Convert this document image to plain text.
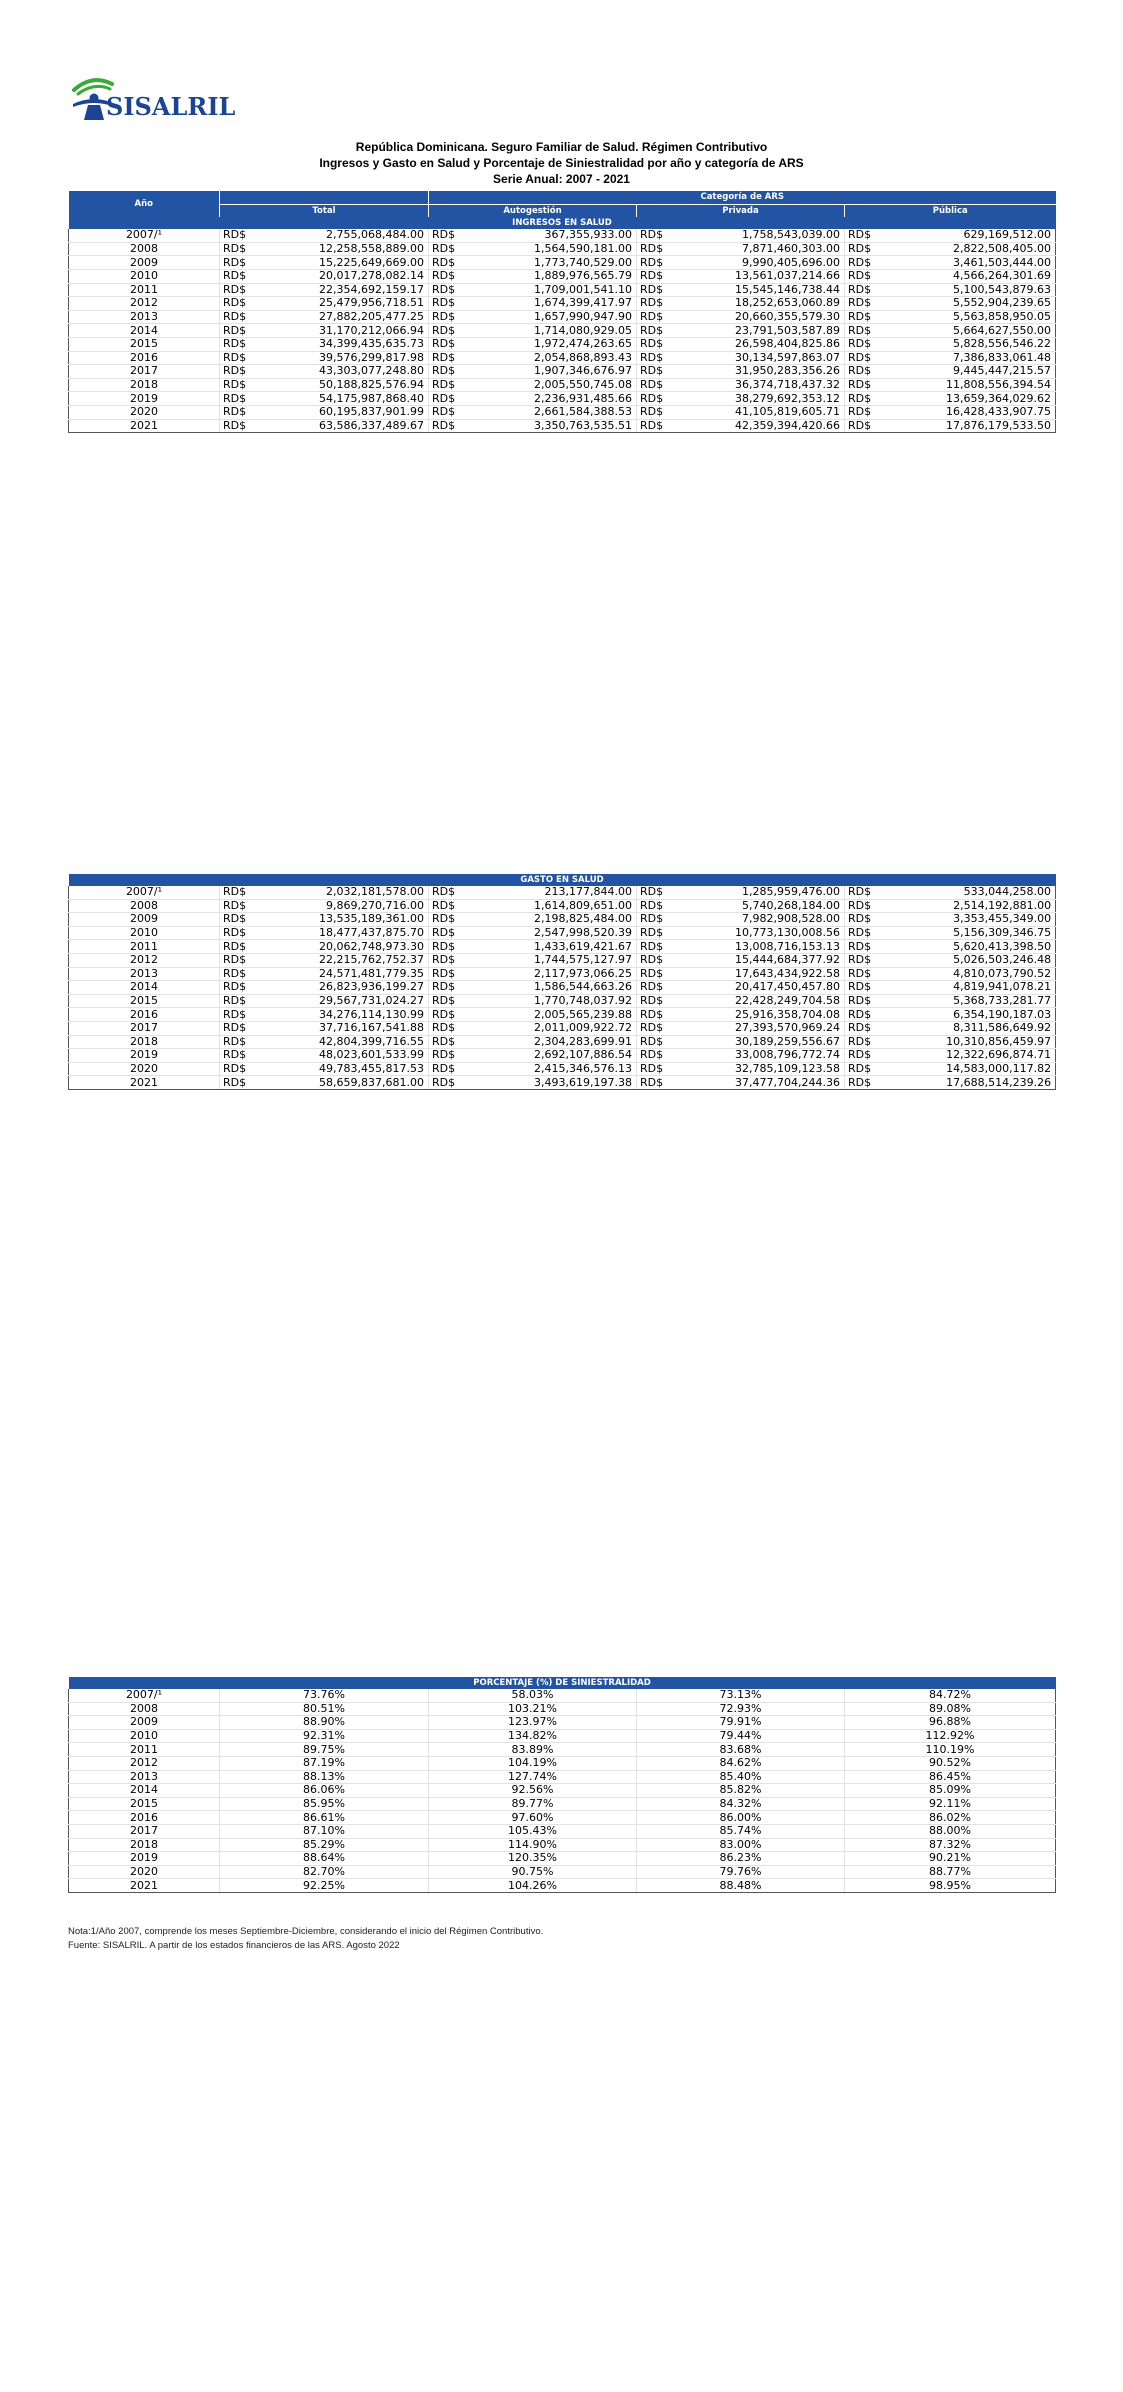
SISALRIL
República Dominicana. Seguro Familiar de Salud. Régimen Contributivo
Ingresos y Gasto en Salud y Porcentaje de Siniestralidad por año y categoría de ARS
Serie Anual: 2007 - 2021
Año			Categoría de ARS					
	Total		Autogestión		Privada		Pública	
INGRESOS EN SALUD								
2007/¹	RD$	2,755,068,484.00	RD$	367,355,933.00	RD$	1,758,543,039.00	RD$	629,169,512.00
2008	RD$	12,258,558,889.00	RD$	1,564,590,181.00	RD$	7,871,460,303.00	RD$	2,822,508,405.00
2009	RD$	15,225,649,669.00	RD$	1,773,740,529.00	RD$	9,990,405,696.00	RD$	3,461,503,444.00
2010	RD$	20,017,278,082.14	RD$	1,889,976,565.79	RD$	13,561,037,214.66	RD$	4,566,264,301.69
2011	RD$	22,354,692,159.17	RD$	1,709,001,541.10	RD$	15,545,146,738.44	RD$	5,100,543,879.63
2012	RD$	25,479,956,718.51	RD$	1,674,399,417.97	RD$	18,252,653,060.89	RD$	5,552,904,239.65
2013	RD$	27,882,205,477.25	RD$	1,657,990,947.90	RD$	20,660,355,579.30	RD$	5,563,858,950.05
2014	RD$	31,170,212,066.94	RD$	1,714,080,929.05	RD$	23,791,503,587.89	RD$	5,664,627,550.00
2015	RD$	34,399,435,635.73	RD$	1,972,474,263.65	RD$	26,598,404,825.86	RD$	5,828,556,546.22
2016	RD$	39,576,299,817.98	RD$	2,054,868,893.43	RD$	30,134,597,863.07	RD$	7,386,833,061.48
2017	RD$	43,303,077,248.80	RD$	1,907,346,676.97	RD$	31,950,283,356.26	RD$	9,445,447,215.57
2018	RD$	50,188,825,576.94	RD$	2,005,550,745.08	RD$	36,374,718,437.32	RD$	11,808,556,394.54
2019	RD$	54,175,987,868.40	RD$	2,236,931,485.66	RD$	38,279,692,353.12	RD$	13,659,364,029.62
2020	RD$	60,195,837,901.99	RD$	2,661,584,388.53	RD$	41,105,819,605.71	RD$	16,428,433,907.75
2021	RD$	63,586,337,489.67	RD$	3,350,763,535.51	RD$	42,359,394,420.66	RD$	17,876,179,533.50
GASTO EN SALUD								
2007/¹	RD$	2,032,181,578.00	RD$	213,177,844.00	RD$	1,285,959,476.00	RD$	533,044,258.00
2008	RD$	9,869,270,716.00	RD$	1,614,809,651.00	RD$	5,740,268,184.00	RD$	2,514,192,881.00
2009	RD$	13,535,189,361.00	RD$	2,198,825,484.00	RD$	7,982,908,528.00	RD$	3,353,455,349.00
2010	RD$	18,477,437,875.70	RD$	2,547,998,520.39	RD$	10,773,130,008.56	RD$	5,156,309,346.75
2011	RD$	20,062,748,973.30	RD$	1,433,619,421.67	RD$	13,008,716,153.13	RD$	5,620,413,398.50
2012	RD$	22,215,762,752.37	RD$	1,744,575,127.97	RD$	15,444,684,377.92	RD$	5,026,503,246.48
2013	RD$	24,571,481,779.35	RD$	2,117,973,066.25	RD$	17,643,434,922.58	RD$	4,810,073,790.52
2014	RD$	26,823,936,199.27	RD$	1,586,544,663.26	RD$	20,417,450,457.80	RD$	4,819,941,078.21
2015	RD$	29,567,731,024.27	RD$	1,770,748,037.92	RD$	22,428,249,704.58	RD$	5,368,733,281.77
2016	RD$	34,276,114,130.99	RD$	2,005,565,239.88	RD$	25,916,358,704.08	RD$	6,354,190,187.03
2017	RD$	37,716,167,541.88	RD$	2,011,009,922.72	RD$	27,393,570,969.24	RD$	8,311,586,649.92
2018	RD$	42,804,399,716.55	RD$	2,304,283,699.91	RD$	30,189,259,556.67	RD$	10,310,856,459.97
2019	RD$	48,023,601,533.99	RD$	2,692,107,886.54	RD$	33,008,796,772.74	RD$	12,322,696,874.71
2020	RD$	49,783,455,817.53	RD$	2,415,346,576.13	RD$	32,785,109,123.58	RD$	14,583,000,117.82
2021	RD$	58,659,837,681.00	RD$	3,493,619,197.38	RD$	37,477,704,244.36	RD$	17,688,514,239.26
PORCENTAJE (%) DE SINIESTRALIDAD				
2007/¹	73.76%	58.03%	73.13%	84.72%
2008	80.51%	103.21%	72.93%	89.08%
2009	88.90%	123.97%	79.91%	96.88%
2010	92.31%	134.82%	79.44%	112.92%
2011	89.75%	83.89%	83.68%	110.19%
2012	87.19%	104.19%	84.62%	90.52%
2013	88.13%	127.74%	85.40%	86.45%
2014	86.06%	92.56%	85.82%	85.09%
2015	85.95%	89.77%	84.32%	92.11%
2016	86.61%	97.60%	86.00%	86.02%
2017	87.10%	105.43%	85.74%	88.00%
2018	85.29%	114.90%	83.00%	87.32%
2019	88.64%	120.35%	86.23%	90.21%
2020	82.70%	90.75%	79.76%	88.77%
2021	92.25%	104.26%	88.48%	98.95%
Nota:1/Año 2007, comprende los meses Septiembre-Diciembre, considerando el inicio del Régimen Contributivo.
Fuente: SISALRIL. A partir de los estados financieros de las ARS. Agosto 2022
